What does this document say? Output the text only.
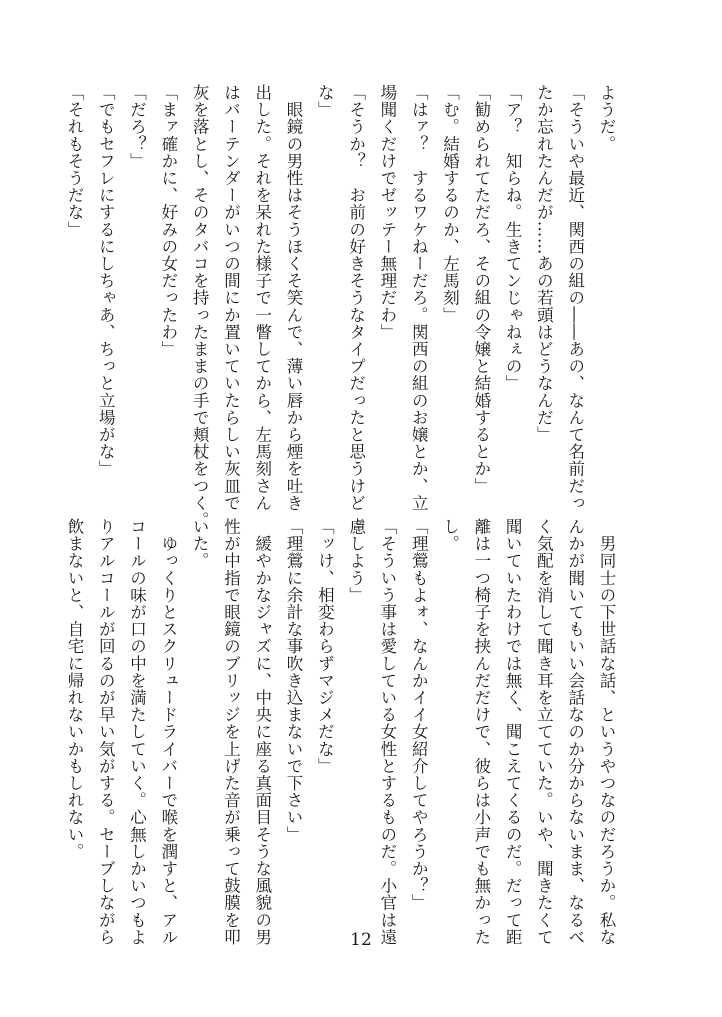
ようだ。
「そういや最近、関西の組の――あの、なんて名前だっ
たか忘れたんだが……あの若頭はどうなんだ」
「ア？　知らね。生きてンじゃねぇの」
「勧められてただろ、その組の令嬢と結婚するとか」
「む。結婚するのか、左馬刻」
「はァ？　するワケねーだろ。関西の組のお嬢とか、立
場聞くだけでゼッテー無理だわ」
「そうか？　お前の好きそうなタイプだったと思うけど
な」
　眼鏡の男性はそうほくそ笑んで、薄い唇から煙を吐き
出した。それを呆れた様子で一瞥してから、左馬刻さん
はバーテンダーがいつの間にか置いていたらしい灰皿で
灰を落とし、そのタバコを持ったままの手で頬杖をつく。
「まァ確かに、好みの女だったわ」
「だろ？」
「でもセフレにするにしちゃあ、ちっと立場がな」
「それもそうだな」
　男同士の下世話な話、というやつなのだろうか。私な
んかが聞いてもいい会話なのか分からないまま、なるべ
く気配を消して聞き耳を立てていた。いや、聞きたくて
聞いていたわけでは無く、聞こえてくるのだ。だって距
離は一つ椅子を挟んだだけで、彼らは小声でも無かった
し。
「理鶯もよォ、なんかイイ女紹介してやろうか？」
「そういう事は愛している女性とするものだ。小官は遠
慮しよう」
「ッけ、相変わらずマジメだな」
「理鶯に余計な事吹き込まないで下さい」
　緩やかなジャズに、中央に座る真面目そうな風貌の男
性が中指で眼鏡のブリッジを上げた音が乗って鼓膜を叩
いた。
　ゆっくりとスクリュードライバーで喉を潤すと、アル
コールの味が口の中を満たしていく。心無しかいつもよ
りアルコールが回るのが早い気がする。セーブしながら
飲まないと、自宅に帰れないかもしれない。
12
